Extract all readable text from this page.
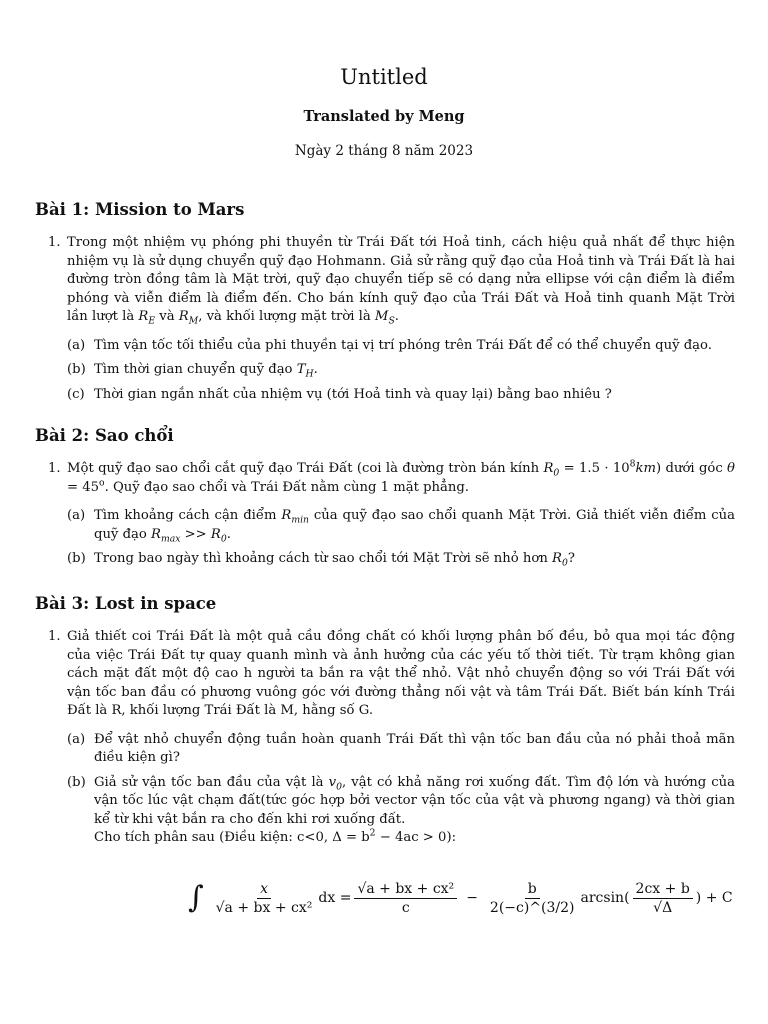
Untitled
Translated by Meng
Ngày 2 tháng 8 năm 2023
Bài 1: Mission to Mars
1. Trong một nhiệm vụ phóng phi thuyền từ Trái Đất tới Hoả tinh, cách hiệu quả nhất để thực hiện nhiệm vụ là sử dụng chuyển quỹ đạo Hohmann. Giả sử rằng quỹ đạo của Hoả tinh và Trái Đất là hai đường tròn đồng tâm là Mặt trời, quỹ đạo chuyển tiếp sẽ có dạng nửa ellipse với cận điểm là điểm phóng và viễn điểm là điểm đến. Cho bán kính quỹ đạo của Trái Đất và Hoả tinh quanh Mặt Trời lần lượt là $R_E$ và $R_M$, và khối lượng mặt trời là $M_S$.
(a) Tìm vận tốc tối thiểu của phi thuyền tại vị trí phóng trên Trái Đất để có thể chuyển quỹ đạo.
(b) Tìm thời gian chuyển quỹ đạo $T_H$.
(c) Thời gian ngắn nhất của nhiệm vụ (tới Hoả tinh và quay lại) bằng bao nhiêu ?
Bài 2: Sao chổi
1. Một quỹ đạo sao chổi cắt quỹ đạo Trái Đất (coi là đường tròn bán kính $R_0 = 1.5 \cdot 10^8km$) dưới góc $\theta = 45^o$. Quỹ đạo sao chổi và Trái Đất nằm cùng 1 mặt phẳng.
(a) Tìm khoảng cách cận điểm $R_{min}$ của quỹ đạo sao chổi quanh Mặt Trời. Giả thiết viễn điểm của quỹ đạo $R_{max} >> R_0$.
(b) Trong bao ngày thì khoảng cách từ sao chổi tới Mặt Trời sẽ nhỏ hơn $R_0$?
Bài 3: Lost in space
1. Giả thiết coi Trái Đất là một quả cầu đồng chất có khối lượng phân bố đều, bỏ qua mọi tác động của việc Trái Đất tự quay quanh mình và ảnh hưởng của các yếu tố thời tiết. Từ trạm không gian cách mặt đất một độ cao h người ta bắn ra vật thể nhỏ. Vật nhỏ chuyển động so với Trái Đất với vận tốc ban đầu có phương vuông góc với đường thẳng nối vật và tâm Trái Đất. Biết bán kính Trái Đất là R, khối lượng Trái Đất là M, hằng số G.
(a) Để vật nhỏ chuyển động tuần hoàn quanh Trái Đất thì vận tốc ban đầu của nó phải thoả mãn điều kiện gì?
(b) Giả sử vận tốc ban đầu của vật là $v_0$, vật có khả năng rơi xuống đất. Tìm độ lớn và hướng của vận tốc lúc vật chạm đất(tức góc hợp bởi vector vận tốc của vật và phương ngang) và thời gian kể từ khi vật bắn ra cho đến khi rơi xuống đất.
Cho tích phân sau (Điều kiện: c<0, $\Delta = b^2 - 4ac > 0$):
∫ $\frac{x}{\text{√a + bx + cx²}}$ dx = $\frac{\text{√a + bx + cx²}}{c} - \frac{b}{2(-c)\^{}(3/2)} \arcsin( \frac{2cx + b}{√\Delta}$ ) + C
